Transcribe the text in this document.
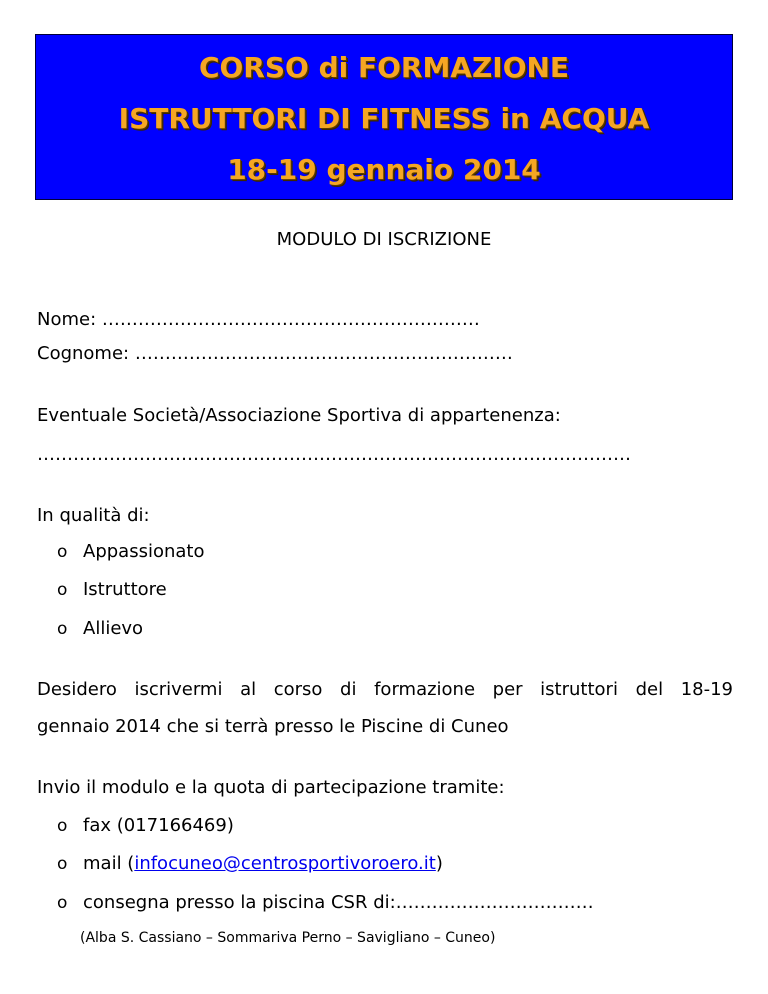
CORSO di FORMAZIONE
ISTRUTTORI DI FITNESS in ACQUA
18-19 gennaio 2014
MODULO DI ISCRIZIONE
Nome: ………………………………………………………
Cognome: ………………………………………………………
Eventuale Società/Associazione Sportiva di appartenenza:
………………………………………………………………………………………
In qualità di:
o Appassionato
o Istruttore
o Allievo
Desidero iscrivermi al corso di formazione per istruttori del 18-19
gennaio 2014 che si terrà presso le Piscine di Cuneo
Invio il modulo e la quota di partecipazione tramite:
o fax (017166469)
o mail (infocuneo@centrosportivoroero.it)
o consegna presso la piscina CSR di:……………………………
(Alba S. Cassiano – Sommariva Perno – Savigliano – Cuneo)
